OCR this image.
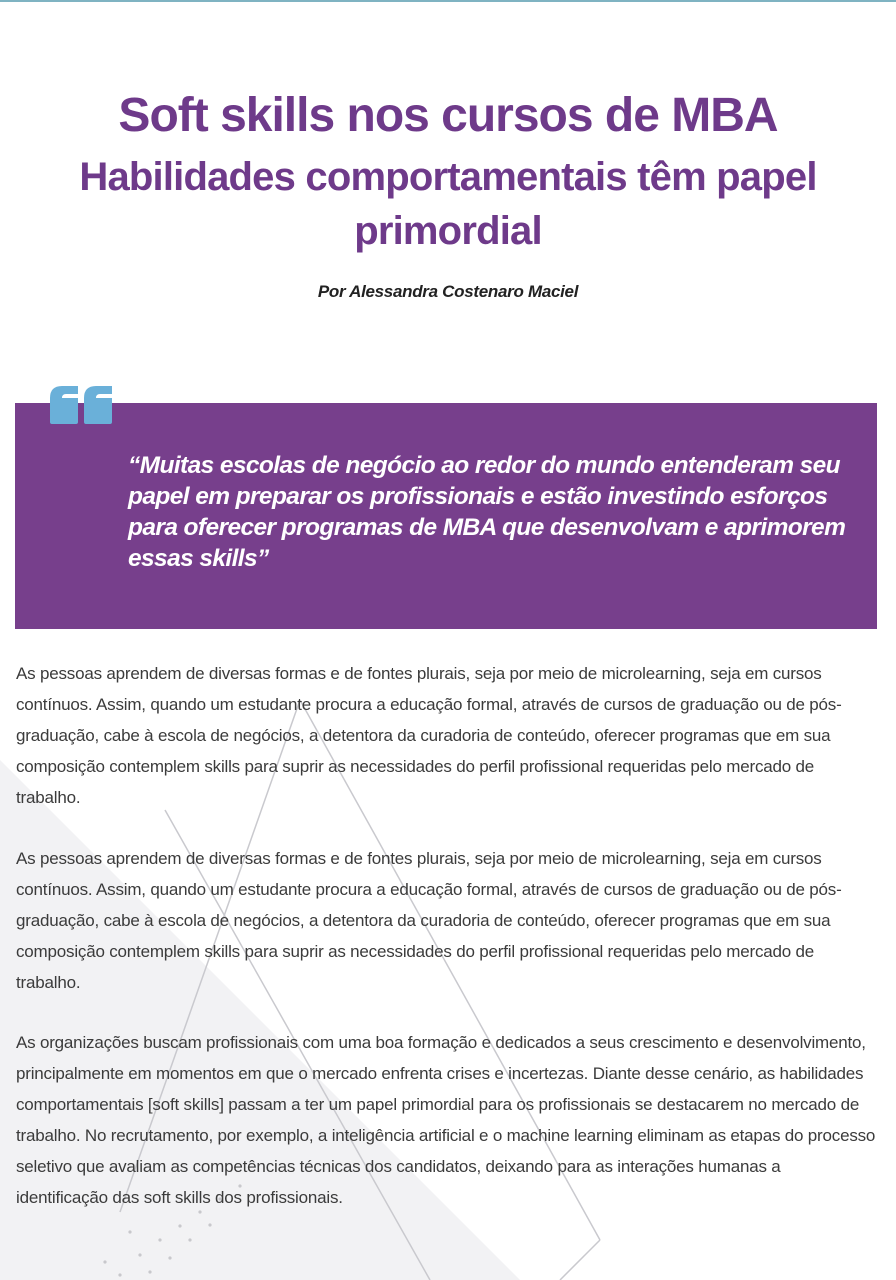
Soft skills nos cursos de MBA
Habilidades comportamentais têm papel primordial
Por Alessandra Costenaro Maciel

“Muitas escolas de negócio ao redor do mundo entenderam seu papel em preparar os profissionais e estão investindo esforços para oferecer programas de MBA que desenvolvam e aprimorem essas skills”

As pessoas aprendem de diversas formas e de fontes plurais, seja por meio de microlearning, seja em cursos contínuos. Assim, quando um estudante procura a educação formal, através de cursos de graduação ou de pós-graduação, cabe à escola de negócios, a detentora da curadoria de conteúdo, oferecer programas que em sua composição contemplem skills para suprir as necessidades do perfil profissional requeridas pelo mercado de trabalho.

As pessoas aprendem de diversas formas e de fontes plurais, seja por meio de microlearning, seja em cursos contínuos. Assim, quando um estudante procura a educação formal, através de cursos de graduação ou de pós-graduação, cabe à escola de negócios, a detentora da curadoria de conteúdo, oferecer programas que em sua composição contemplem skills para suprir as necessidades do perfil profissional requeridas pelo mercado de trabalho.

As organizações buscam profissionais com uma boa formação e dedicados a seus crescimento e desenvolvimento, principalmente em momentos em que o mercado enfrenta crises e incertezas. Diante desse cenário, as habilidades comportamentais [soft skills] passam a ter um papel primordial para os profissionais se destacarem no mercado de trabalho. No recrutamento, por exemplo, a inteligência artificial e o machine learning eliminam as etapas do processo seletivo que avaliam as competências técnicas dos candidatos, deixando para as interações humanas a identificação das soft skills dos profissionais.
